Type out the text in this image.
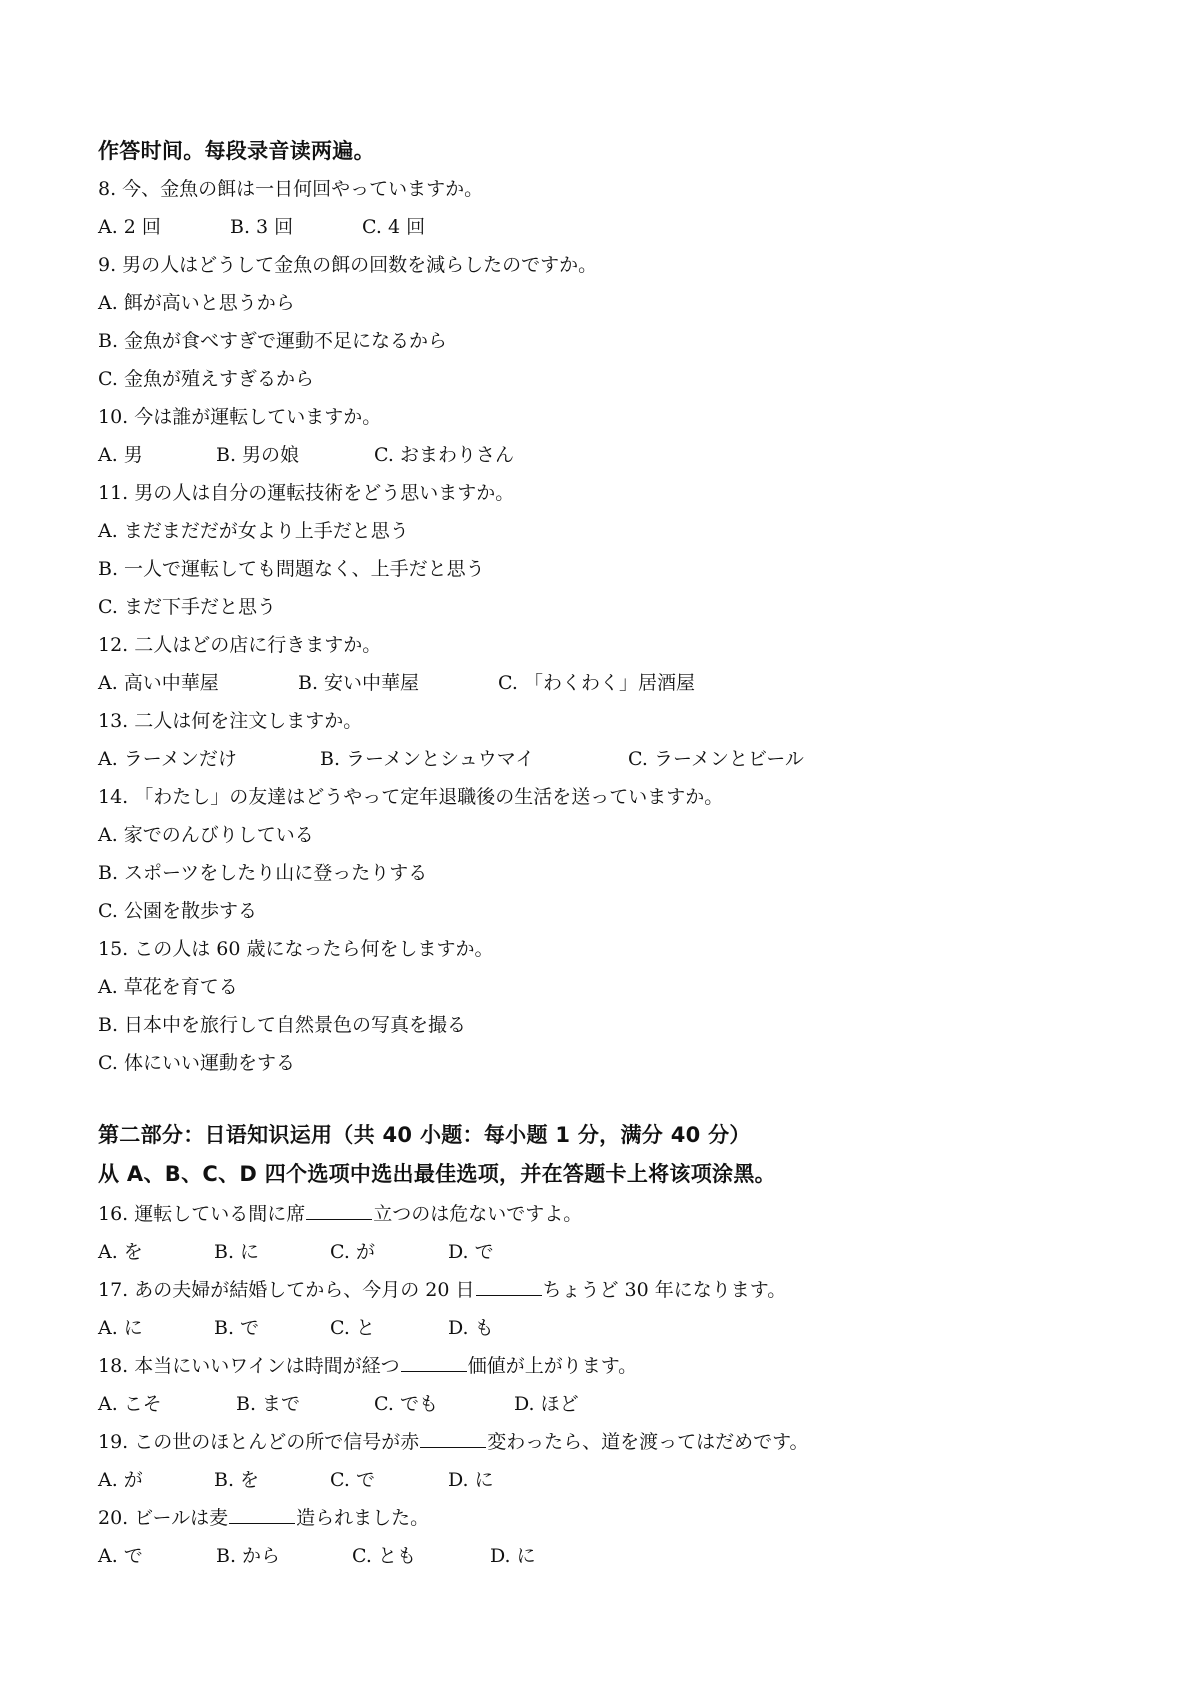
作答时间。每段录音读两遍。
8. 今、金魚の餌は一日何回やっていますか。
A. 2 回	B. 3 回	C. 4 回
9. 男の人はどうして金魚の餌の回数を減らしたのですか。
A. 餌が高いと思うから
B. 金魚が食べすぎで運動不足になるから
C. 金魚が殖えすぎるから
10. 今は誰が運転していますか。
A. 男	B. 男の娘	C. おまわりさん
11. 男の人は自分の運転技術をどう思いますか。
A. まだまだだが女より上手だと思う
B. 一人で運転しても問題なく、上手だと思う
C. まだ下手だと思う
12. 二人はどの店に行きますか。
A. 高い中華屋	B. 安い中華屋	C. 「わくわく」居酒屋
13. 二人は何を注文しますか。
A. ラーメンだけ	B. ラーメンとシュウマイ	C. ラーメンとビール
14. 「わたし」の友達はどうやって定年退職後の生活を送っていますか。
A. 家でのんびりしている
B. スポーツをしたり山に登ったりする
C. 公園を散歩する
15. この人は 60 歳になったら何をしますか。
A. 草花を育てる
B. 日本中を旅行して自然景色の写真を撮る
C. 体にいい運動をする
第二部分：日语知识运用（共 40 小题：每小题 1 分，满分 40 分）
从 A、B、C、D 四个选项中选出最佳选项，并在答题卡上将该项涂黑。
16. 運転している間に席	立つのは危ないですよ。
A. を	B. に	C. が	D. で
17. あの夫婦が結婚してから、今月の 20 日	ちょうど 30 年になります。
A. に	B. で	C. と	D. も
18. 本当にいいワインは時間が経つ	価値が上がります。
A. こそ	B. まで	C. でも	D. ほど
19. この世のほとんどの所で信号が赤	変わったら、道を渡ってはだめです。
A. が	B. を	C. で	D. に
20. ビールは麦	造られました。
A. で	B. から	C. とも	D. に
